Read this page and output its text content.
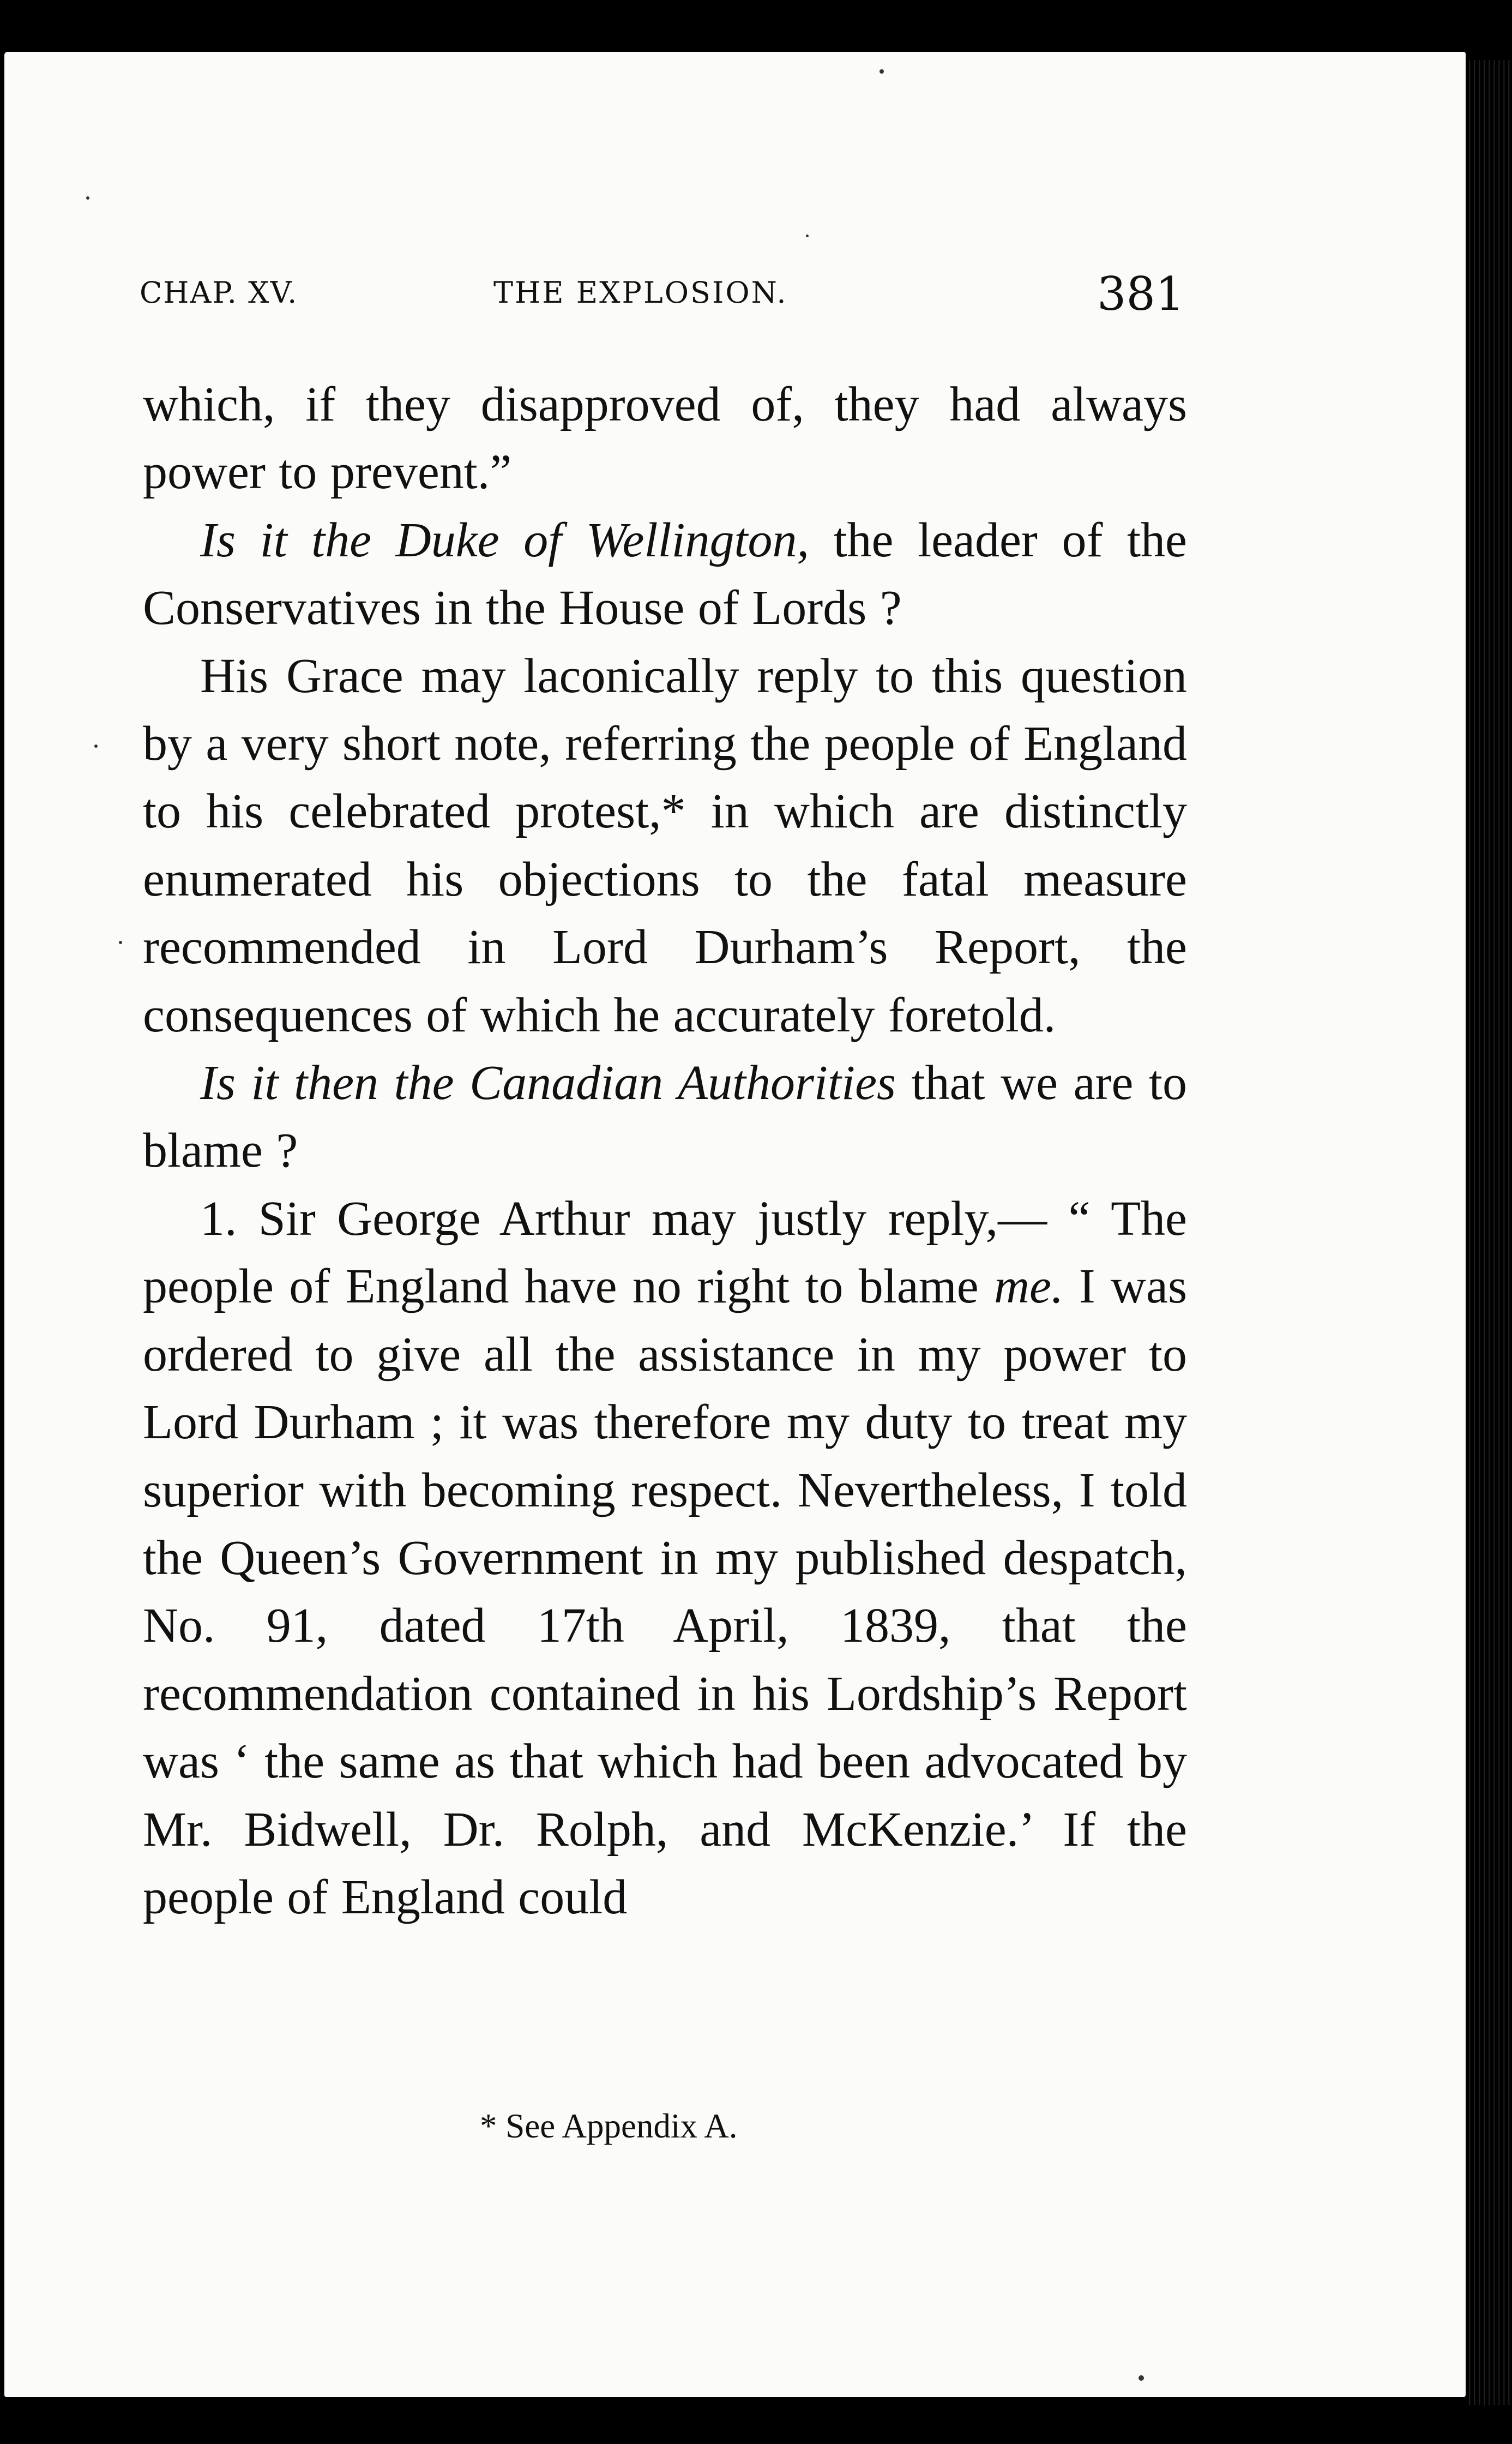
CHAP. XV.	THE EXPLOSION.	381

which, if they disapproved of, they had always power to prevent.”

Is it the Duke of Wellington, the leader of the Conservatives in the House of Lords ?

His Grace may laconically reply to this question by a very short note, referring the people of England to his celebrated protest,* in which are distinctly enumerated his objections to the fatal measure recommended in Lord Durham’s Report, the consequences of which he accurately foretold.

Is it then the Canadian Authorities that we are to blame ?

1. Sir George Arthur may justly reply,— “ The people of England have no right to blame me. I was ordered to give all the assistance in my power to Lord Durham ; it was therefore my duty to treat my superior with becoming respect. Nevertheless, I told the Queen’s Government in my published despatch, No. 91, dated 17th April, 1839, that the recommendation contained in his Lordship’s Report was ‘ the same as that which had been advocated by Mr. Bidwell, Dr. Rolph, and McKenzie.’ If the people of England could

* See Appendix A.
